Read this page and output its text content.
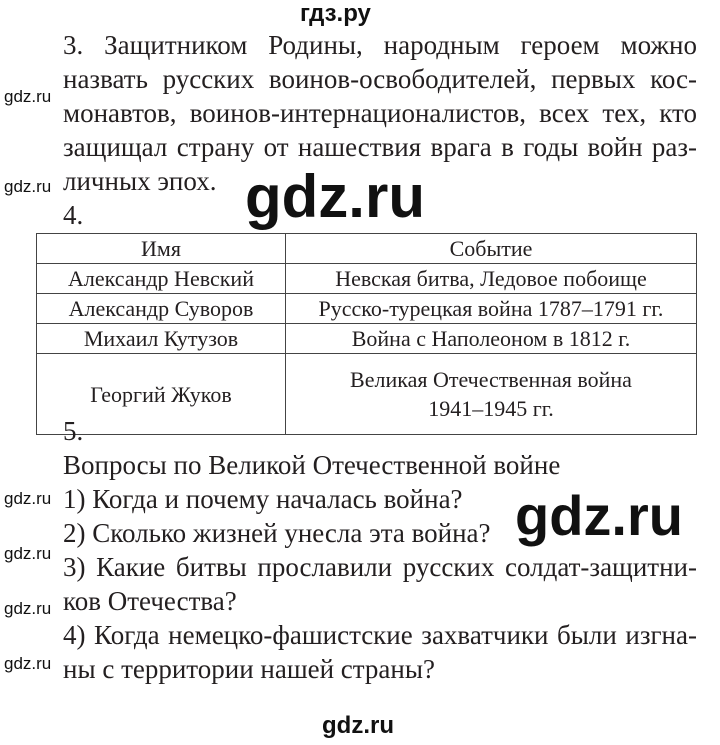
гдз.ру
3. Защитником Родины, народным героем можно
назвать русских воинов-освободителей, первых кос-
монавтов, воинов-интернационалистов, всех тех, кто
защищал страну от нашествия врага в годы войн раз-
личных эпох.
4.	gdz.ru
gdz.ru
gdz.ru
Имя	Событие
Александр Невский	Невская битва, Ледовое побоище
Александр Суворов	Русско-турецкая война 1787–1791 гг.
Михаил Кутузов	Война с Наполеоном в 1812 г.
Георгий Жуков	Великая Отечественная война
1941–1945 гг.
5.
Вопросы по Великой Отечественной войне
1) Когда и почему началась война?
2) Сколько жизней унесла эта война?
3) Какие битвы прославили русских солдат-защитни-
ков Отечества?
4) Когда немецко-фашистские захватчики были изгна-
ны с территории нашей страны?
gdz.ru
gdz.ru
gdz.ru
gdz.ru
gdz.ru
gdz.ru
